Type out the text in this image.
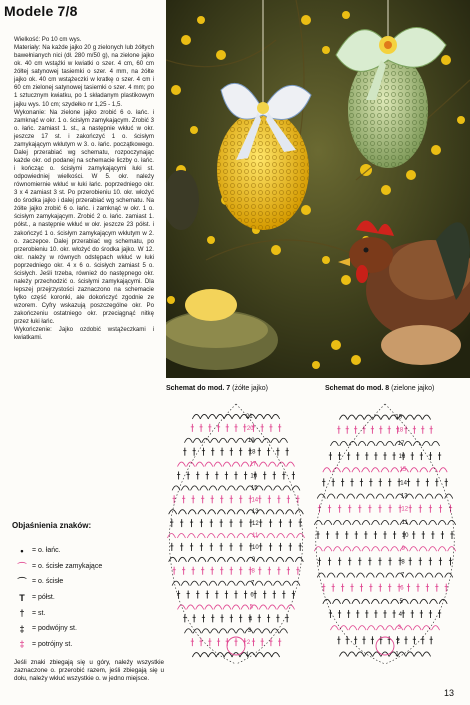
Modele 7/8

Wielkość: Po 10 cm wys.

Materiały: Na każde jajko 20 g zielonych lub żółtych bawełnianych nici (dł. 280 m/50 g), na zielone jajko ok. 40 cm wstążki w kwiatki o szer. 4 cm, 60 cm żółtej satynowej tasiemki o szer. 4 mm, na żółte jajko ok. 40 cm wstążeczki w kratkę o szer. 4 cm i 60 cm zielonej satynowej tasiemki o szer. 4 mm; po 1 sztucznym kwiatku, po 1 składanym plastikowym jajku wys. 10 cm; szydełko nr 1,25 - 1,5.

Wykonanie: Na zielone jajko zrobić 6 o. łańc. i zamknąć w okr. 1 o. ścisłym zamykającym. Zrobić 3 o. łańc. zamiast 1. st., a następnie wkłuć w okr. jeszcze 17 st. i zakończyć 1 o. ścisłym zamykającym wkłutym w 3. o. łańc. początkowego. Dalej przerabiać wg schematu, rozpoczynając każde okr. od podanej na schemacie liczby o. łańc. i kończąc o. ścisłymi zamykającymi łuki st. odpowiedniej wielkości. W 5. okr. należy równomiernie wkłuć w łuki łańc. poprzedniego okr. 3 x 4 zamiast 3 st. Po przerobieniu 10. okr. włożyć do środka jajko i dalej przerabiać wg schematu. Na żółte jajko zrobić 6 o. łańc. i zamknąć w okr. 1 o. ścisłym zamykającym. Zrobić 2 o. łańc. zamiast 1. półst., a następnie wkłuć w okr. jeszcze 23 półst. i zakończyć 1 o. ścisłym zamykającym wkłutym w 2. o. zaczepce. Dalej przerabiać wg schematu, po przerobieniu 10. okr. włożyć do środka jajko. W 12. okr. należy w równych odstępach wkłuć w łuki poprzedniego okr. 4 x 6 o. ścisłych zamiast 5 o. ścisłych. Jeśli trzeba, również do następnego okr. należy przechodzić o. ścisłymi zamykającymi. Dla lepszej przejrzystości zaznaczono na schemacie tylko część koronki, ale dokończyć zgodnie ze wzorem. Cyfry wskazują poszczególne okr. Po zakończeniu ostatniego okr. przeciągnąć nitkę przez łuki łańc.

Wykończenie: Jajko ozdobić wstążeczkami i kwiatkami.

Objaśnienia znaków:
•	= o. łańc.
⌒ = o. ścisłe zamykające
⌒ = o. ścisłe
T	= półst.
†	= st.
‡	= podwójny st.
‡	= potrójny st.
Jeśli znaki zbiegają się u góry, należy wszystkie zaznaczone o. przerobić razem, jeśli zbiegają się u dołu, należy wkłuć wszystkie o. w jedno miejsce.
Schemat do mod. 7 (żółte jajko)	Schemat do mod. 8 (zielone jajko)
21
20
19
18
17
16
15
14
13
12
11
10
9
8
7
6
5
4
3
2
1
19
18
17
16
15
14
13
12
11
10
9
8
7
6
5
4
3
2
1
13
